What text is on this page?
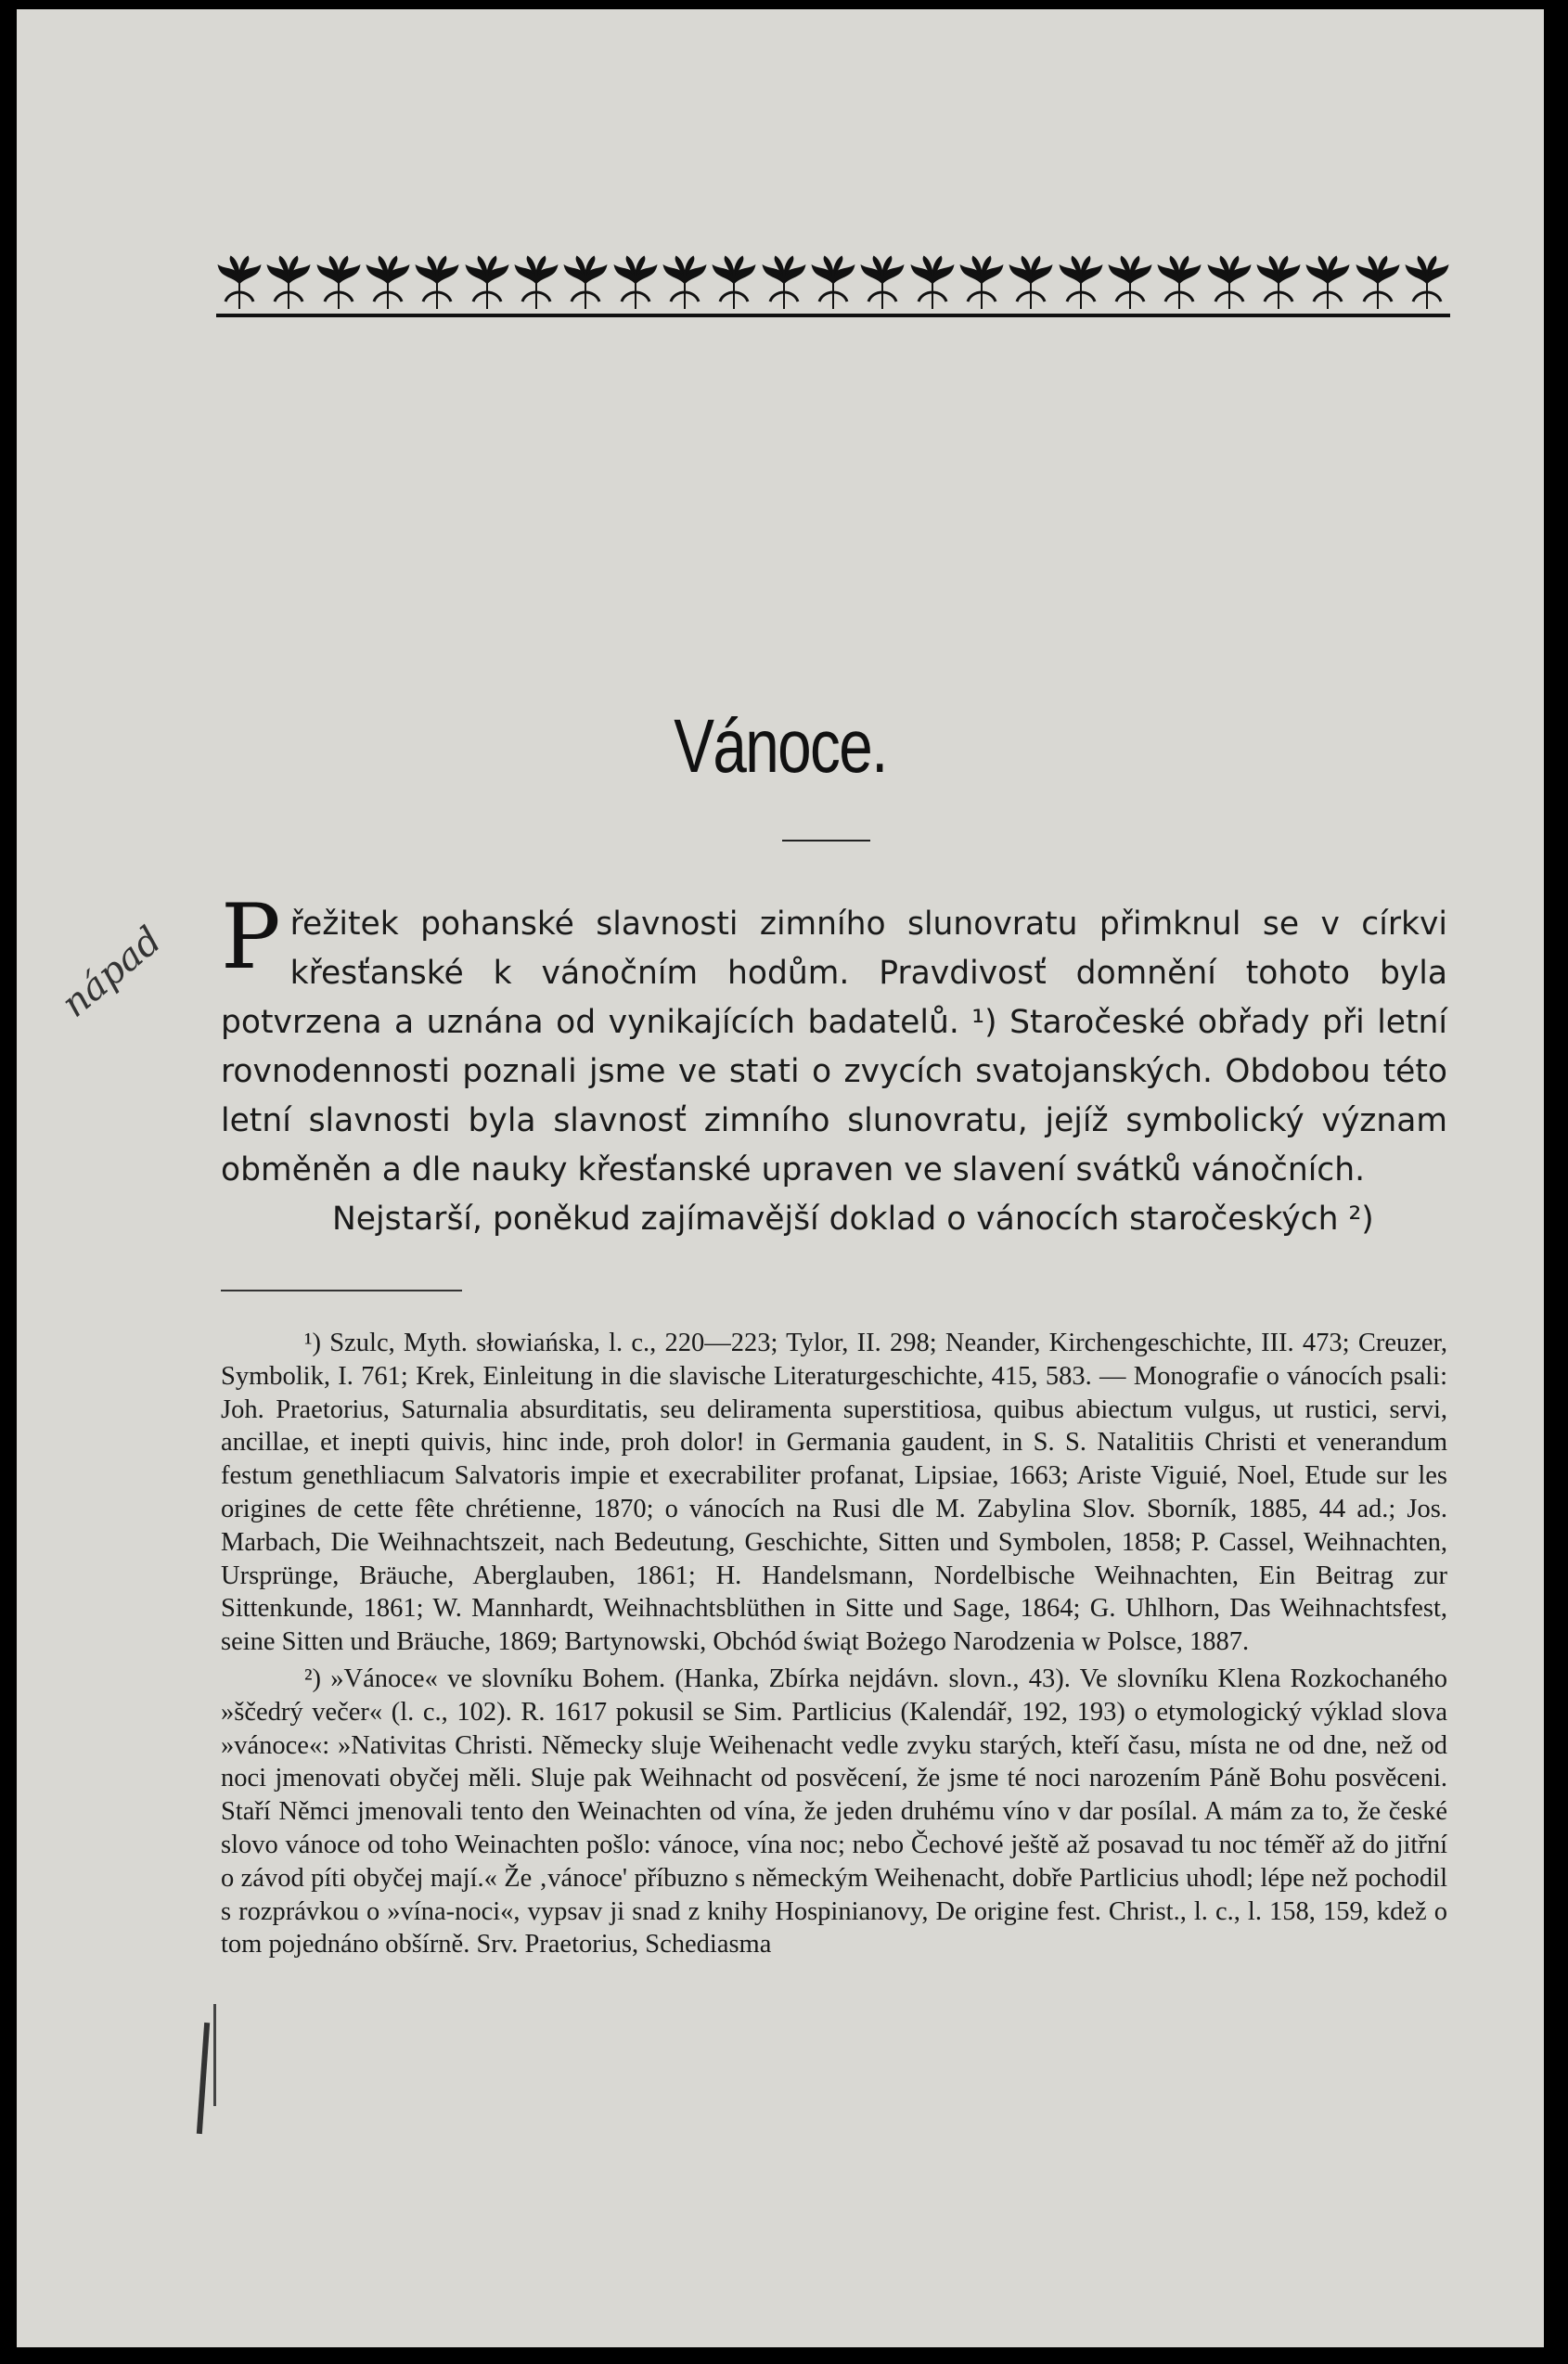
Vánoce.
nápad Přežitek pohanské slavnosti zimního slunovratu přimknul se v církvi křesťanské k vánočním hodům. Pravdivosť domnění tohoto byla potvrzena a uznána od vynikajících badatelů. ¹) Staročeské obřady při letní rovnodennosti poznali jsme ve stati o zvycích svatojanských. Obdobou této letní slavnosti byla slavnosť zimního slunovratu, jejíž symbolický význam obměněn a dle nauky křesťanské upraven ve slavení svátků vánočních.

Nejstarší, poněkud zajímavější doklad o vánocích staročeských ²)

¹) Szulc, Myth. słowiańska, l. c., 220—223; Tylor, II. 298; Neander, Kirchengeschichte, III. 473; Creuzer, Symbolik, I. 761; Krek, Einleitung in die slavische Literaturgeschichte, 415, 583. — Monografie o vánocích psali: Joh. Praetorius, Saturnalia absurditatis, seu deliramenta superstitiosa, quibus abiectum vulgus, ut rustici, servi, ancillae, et inepti quivis, hinc inde, proh dolor! in Germania gaudent, in S. S. Natalitiis Christi et venerandum festum genethliacum Salvatoris impie et execrabiliter profanat, Lipsiae, 1663; Ariste Viguié, Noel, Etude sur les origines de cette fête chrétienne, 1870; o vánocích na Rusi dle M. Zabylina Slov. Sborník, 1885, 44 ad.; Jos. Marbach, Die Weihnachtszeit, nach Bedeutung, Geschichte, Sitten und Symbolen, 1858; P. Cassel, Weihnachten, Ursprünge, Bräuche, Aberglauben, 1861; H. Handelsmann, Nordelbische Weihnachten, Ein Beitrag zur Sittenkunde, 1861; W. Mannhardt, Weihnachtsblüthen in Sitte und Sage, 1864; G. Uhlhorn, Das Weihnachtsfest, seine Sitten und Bräuche, 1869; Bartynowski, Obchód świąt Bożego Narodzenia w Polsce, 1887.

²) »Vánoce« ve slovníku Bohem. (Hanka, Zbírka nejdávn. slovn., 43). Ve slovníku Klena Rozkochaného »ščedrý večer« (l. c., 102). R. 1617 pokusil se Sim. Partlicius (Kalendář, 192, 193) o etymologický výklad slova »vánoce«: »Nativitas Christi. Německy sluje Weihenacht vedle zvyku starých, kteří času, místa ne od dne, než od noci jmenovati obyčej měli. Sluje pak Weihnacht od posvěcení, že jsme té noci narozením Páně Bohu posvěceni. Staří Němci jmenovali tento den Weinachten od vína, že jeden druhému víno v dar posílal. A mám za to, že české slovo vánoce od toho Weinachten pošlo: vánoce, vína noc; nebo Čechové ještě až posavad tu noc téměř až do jitřní o závod píti obyčej mají.« Že ‚vánoce' příbuzno s německým Weihenacht, dobře Partlicius uhodl; lépe než pochodil s rozprávkou o »vína-noci«, vypsav ji snad z knihy Hospinianovy, De origine fest. Christ., l. c., l. 158, 159, kdež o tom pojednáno obšírně. Srv. Praetorius, Schediasma
